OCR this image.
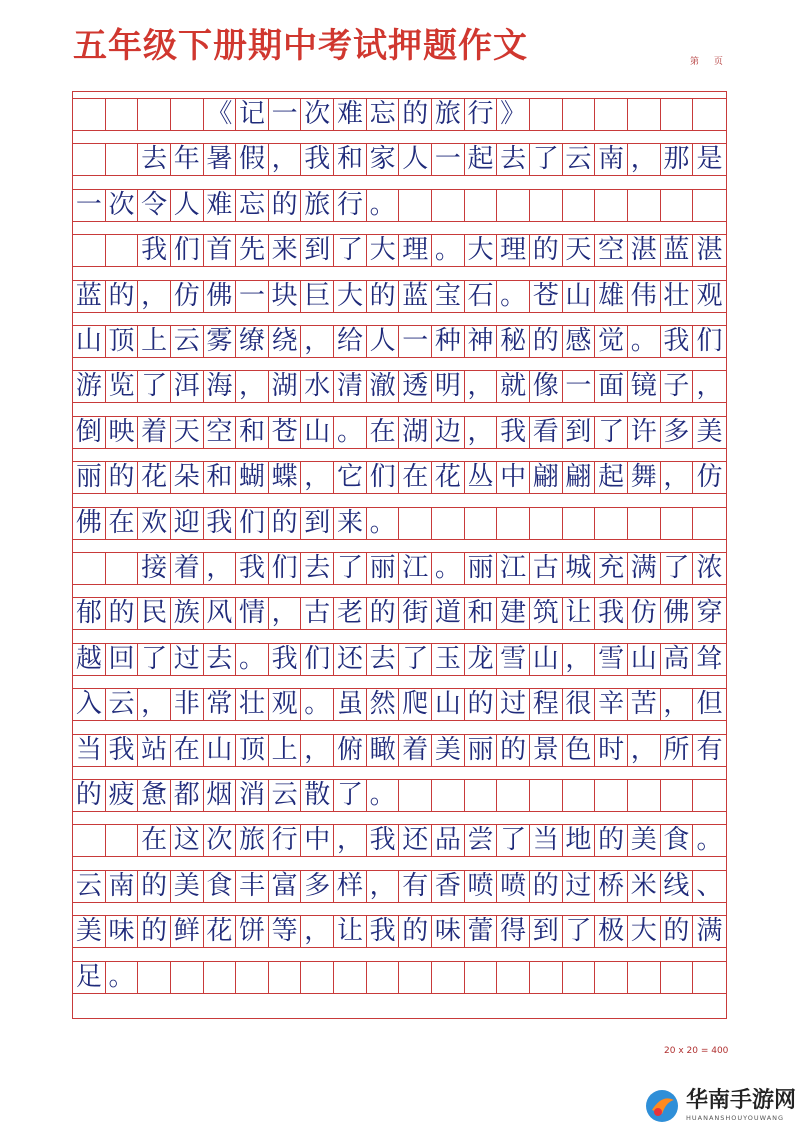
五年级下册期中考试押题作文	第 页
《 记 一 次 难 忘 的 旅 行 》
去 年 暑 假 ， 我 和 家 人 一 起 去 了 云 南 ， 那 是
一 次 令 人 难 忘 的 旅 行 。
我 们 首 先 来 到 了 大 理 。 大 理 的 天 空 湛 蓝 湛
蓝 的 ， 仿 佛 一 块 巨 大 的 蓝 宝 石 。 苍 山 雄 伟 壮 观
山 顶 上 云 雾 缭 绕 ， 给 人 一 种 神 秘 的 感 觉 。 我 们
游 览 了 洱 海 ， 湖 水 清 澈 透 明 ， 就 像 一 面 镜 子 ，
倒 映 着 天 空 和 苍 山 。 在 湖 边 ， 我 看 到 了 许 多 美
丽 的 花 朵 和 蝴 蝶 ， 它 们 在 花 丛 中 翩 翩 起 舞 ， 仿
佛 在 欢 迎 我 们 的 到 来 。
接 着 ， 我 们 去 了 丽 江 。 丽 江 古 城 充 满 了 浓
郁 的 民 族 风 情 ， 古 老 的 街 道 和 建 筑 让 我 仿 佛 穿
越 回 了 过 去 。 我 们 还 去 了 玉 龙 雪 山 ， 雪 山 高 耸
入 云 ， 非 常 壮 观 。 虽 然 爬 山 的 过 程 很 辛 苦 ， 但
当 我 站 在 山 顶 上 ， 俯 瞰 着 美 丽 的 景 色 时 ， 所 有
的 疲 惫 都 烟 消 云 散 了 。
在 这 次 旅 行 中 ， 我 还 品 尝 了 当 地 的 美 食 。
云 南 的 美 食 丰 富 多 样 ， 有 香 喷 喷 的 过 桥 米 线 、
美 味 的 鲜 花 饼 等 ， 让 我 的 味 蕾 得 到 了 极 大 的 满
足 。
20 x 20 = 400
华南手游网
HUANANSHOUYOUWANG
